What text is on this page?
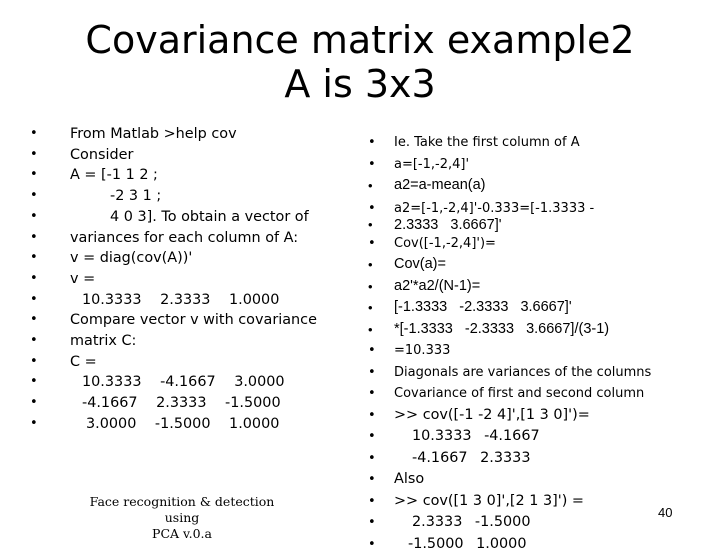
Covariance matrix example2
A is 3x3
• From Matlab >help cov
• Consider
• A = [-1 1 2 ;
• -2 3 1 ;
• 4 0 3]. To obtain a vector of
• variances for each column of A:
• v = diag(cov(A))'
• v =
• 10.3333 2.3333 1.0000
• Compare vector v with covariance
• matrix C:
• C =
• 10.3333 -4.1667 3.0000
• -4.1667 2.3333 -1.5000
• 3.0000 -1.5000 1.0000
• Ie. Take the first column of A
• a=[-1,-2,4]'
• a2=a-mean(a)
• a2=[-1,-2,4]'-0.333=[-1.3333 -
• 2.3333 3.6667]'
• Cov([-1,-2,4]')=
• Cov(a)=
• a2'*a2/(N-1)=
• [-1.3333 -2.3333 3.6667]'
• *[-1.3333 -2.3333 3.6667]/(3-1)
• =10.333
• Diagonals are variances of the columns
• Covariance of first and second column
• >> cov([-1 -2 4]',[1 3 0]')=
• 10.3333 -4.1667
• -4.1667 2.3333
• Also
• >> cov([1 3 0]',[2 1 3]') =
• 2.3333 -1.5000
• -1.5000 1.0000
Face recognition & detection using
PCA v.0.a
40
